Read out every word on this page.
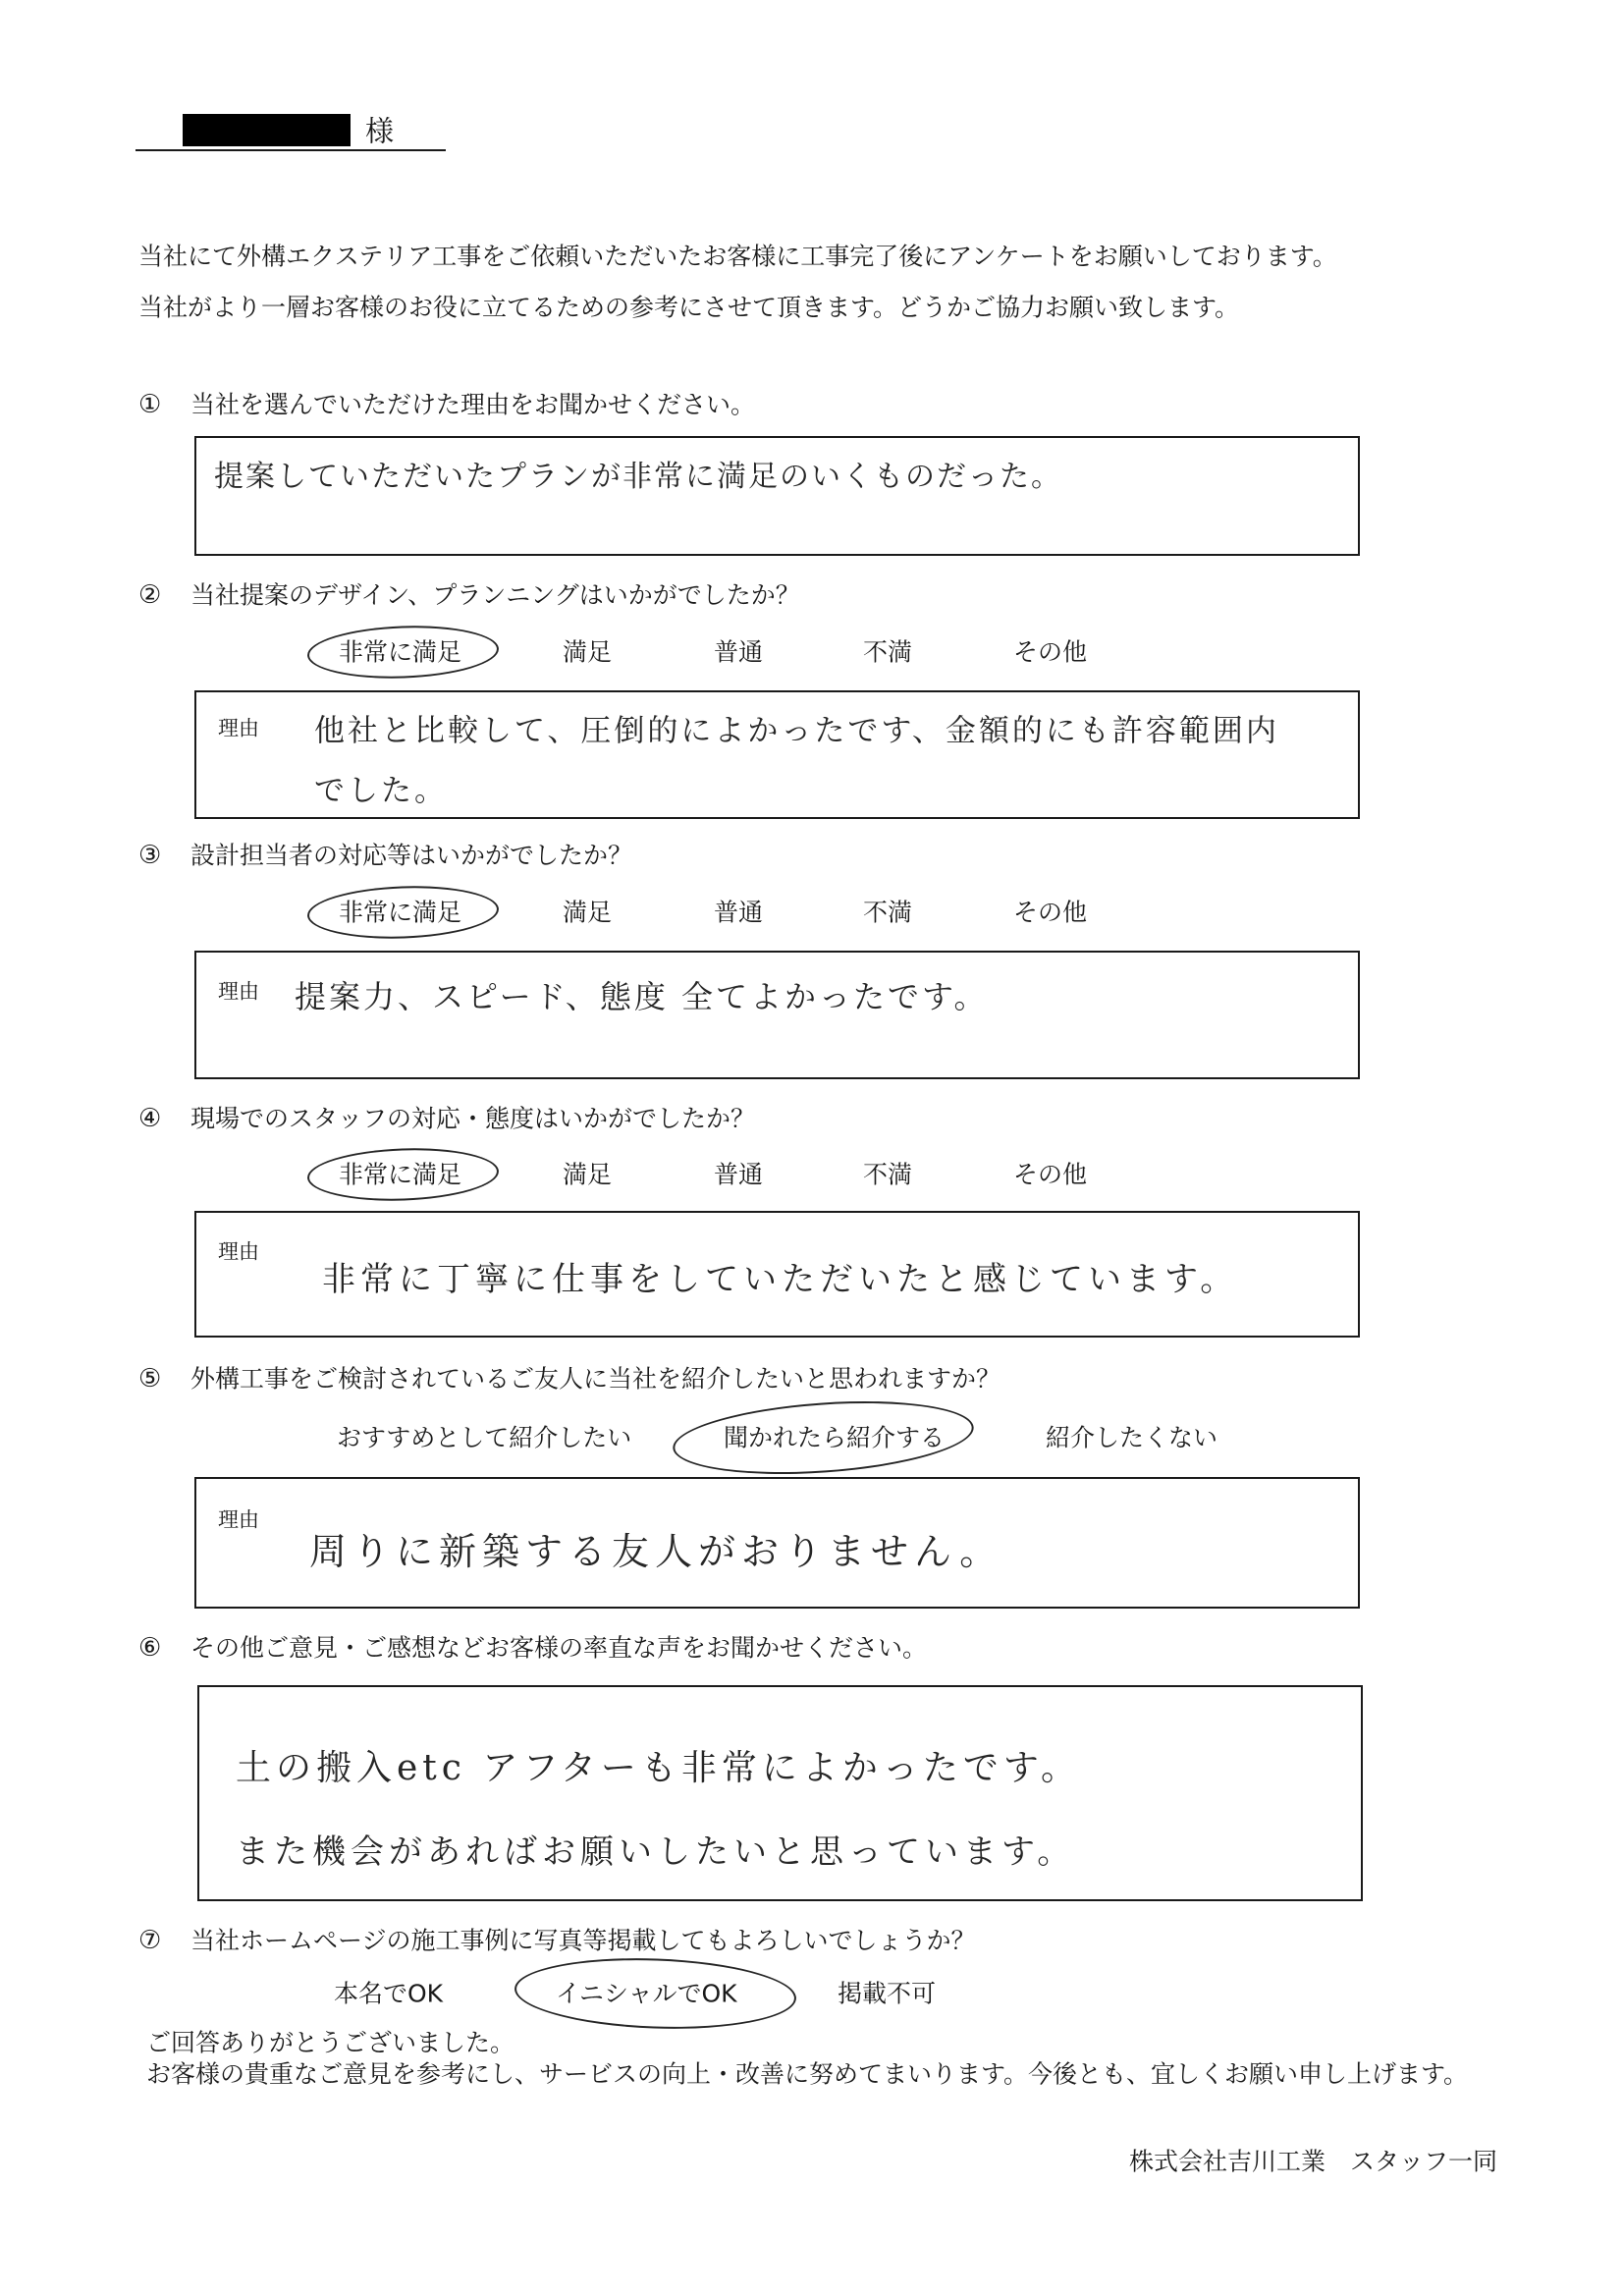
様
当社にて外構エクステリア工事をご依頼いただいたお客様に工事完了後にアンケートをお願いしております。
当社がより一層お客様のお役に立てるための参考にさせて頂きます。どうかご協力お願い致します。
① 当社を選んでいただけた理由をお聞かせください。
提案していただいたプランが非常に満足のいくものだった。
② 当社提案のデザイン、プランニングはいかがでしたか？
非常に満足	満足	普通	不満	その他
理由 他社と比較して、圧倒的によかったです、金額的にも許容範囲内
でした。
③ 設計担当者の対応等はいかがでしたか？
非常に満足	満足	普通	不満	その他
理由 提案力、スピード、態度 全てよかったです。
④ 現場でのスタッフの対応・態度はいかがでしたか？
非常に満足	満足	普通	不満	その他
理由
非常に丁寧に仕事をしていただいたと感じています。
⑤ 外構工事をご検討されているご友人に当社を紹介したいと思われますか？
おすすめとして紹介したい	聞かれたら紹介する	紹介したくない
理由
周りに新築する友人がおりません。
⑥ その他ご意見・ご感想などお客様の率直な声をお聞かせください。
土の搬入etc アフターも非常によかったです。
また機会があればお願いしたいと思っています。
⑦ 当社ホームページの施工事例に写真等掲載してもよろしいでしょうか？
本名でOK	イニシャルでOK	掲載不可
ご回答ありがとうございました。
お客様の貴重なご意見を参考にし、サービスの向上・改善に努めてまいります。今後とも、宜しくお願い申し上げます。
株式会社吉川工業　スタッフ一同
